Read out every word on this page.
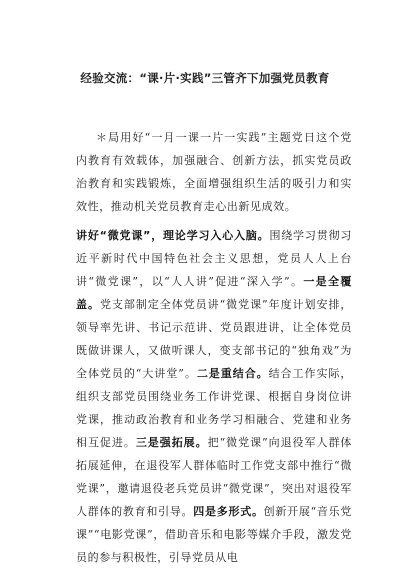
经验交流：“课·片·实践”三管齐下加强党员教育

＊局用好“一月一课一片一实践”主题党日这个党内教育有效载体，加强融合、创新方法，抓实党员政治教育和实践锻炼，全面增强组织生活的吸引力和实效性，推动机关党员教育走心出新见成效。

讲好“微党课”，理论学习入心入脑。围绕学习贯彻习近平新时代中国特色社会主义思想，党员人人上台讲“微党课”，以“人人讲”促进“深入学”。一是全覆盖。党支部制定全体党员讲“微党课”年度计划安排，领导率先讲、书记示范讲、党员跟进讲，让全体党员既做讲课人，又做听课人，变支部书记的“独角戏”为全体党员的“大讲堂”。二是重结合。结合工作实际，组织支部党员围绕业务工作讲党课、根据自身岗位讲党课，推动政治教育和业务学习相融合、党建和业务相互促进。三是强拓展。把“微党课”向退役军人群体拓展延伸，在退役军人群体临时工作党支部中推行“微党课”，邀请退役老兵党员讲“微党课”，突出对退役军人群体的教育和引导。四是多形式。创新开展“音乐党课”“电影党课”，借助音乐和电影等媒介手段，激发党员的参与积极性，引导党员从电
